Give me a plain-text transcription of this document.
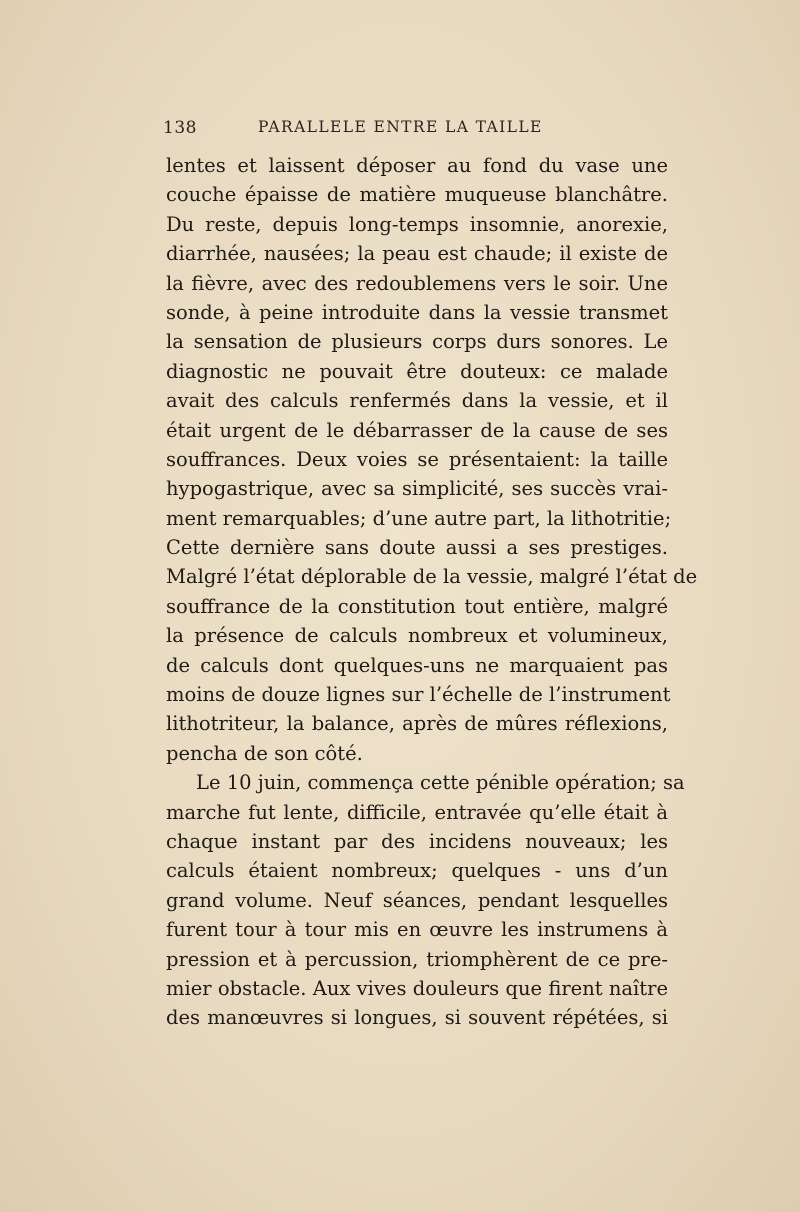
138	PARALLELE ENTRE LA TAILLE
lentes et laissent déposer au fond du vase une
couche épaisse de matière muqueuse blanchâtre.
Du reste, depuis long-temps insomnie, anorexie,
diarrhée, nausées; la peau est chaude; il existe de
la fièvre, avec des redoublemens vers le soir. Une
sonde, à peine introduite dans la vessie transmet
la sensation de plusieurs corps durs sonores. Le
diagnostic ne pouvait être douteux: ce malade
avait des calculs renfermés dans la vessie, et il
était urgent de le débarrasser de la cause de ses
souffrances. Deux voies se présentaient: la taille
hypogastrique, avec sa simplicité, ses succès vrai-
ment remarquables; d’une autre part, la lithotritie;
Cette dernière sans doute aussi a ses prestiges.
Malgré l’état déplorable de la vessie, malgré l’état de
souffrance de la constitution tout entière, malgré
la présence de calculs nombreux et volumineux,
de calculs dont quelques-uns ne marquaient pas
moins de douze lignes sur l’échelle de l’instrument
lithotriteur, la balance, après de mûres réflexions,
pencha de son côté.
Le 10 juin, commença cette pénible opération; sa
marche fut lente, difficile, entravée qu’elle était à
chaque instant par des incidens nouveaux; les
calculs étaient nombreux; quelques - uns d’un
grand volume. Neuf séances, pendant lesquelles
furent tour à tour mis en œuvre les instrumens à
pression et à percussion, triomphèrent de ce pre-
mier obstacle. Aux vives douleurs que firent naître
des manœuvres si longues, si souvent répétées, si
